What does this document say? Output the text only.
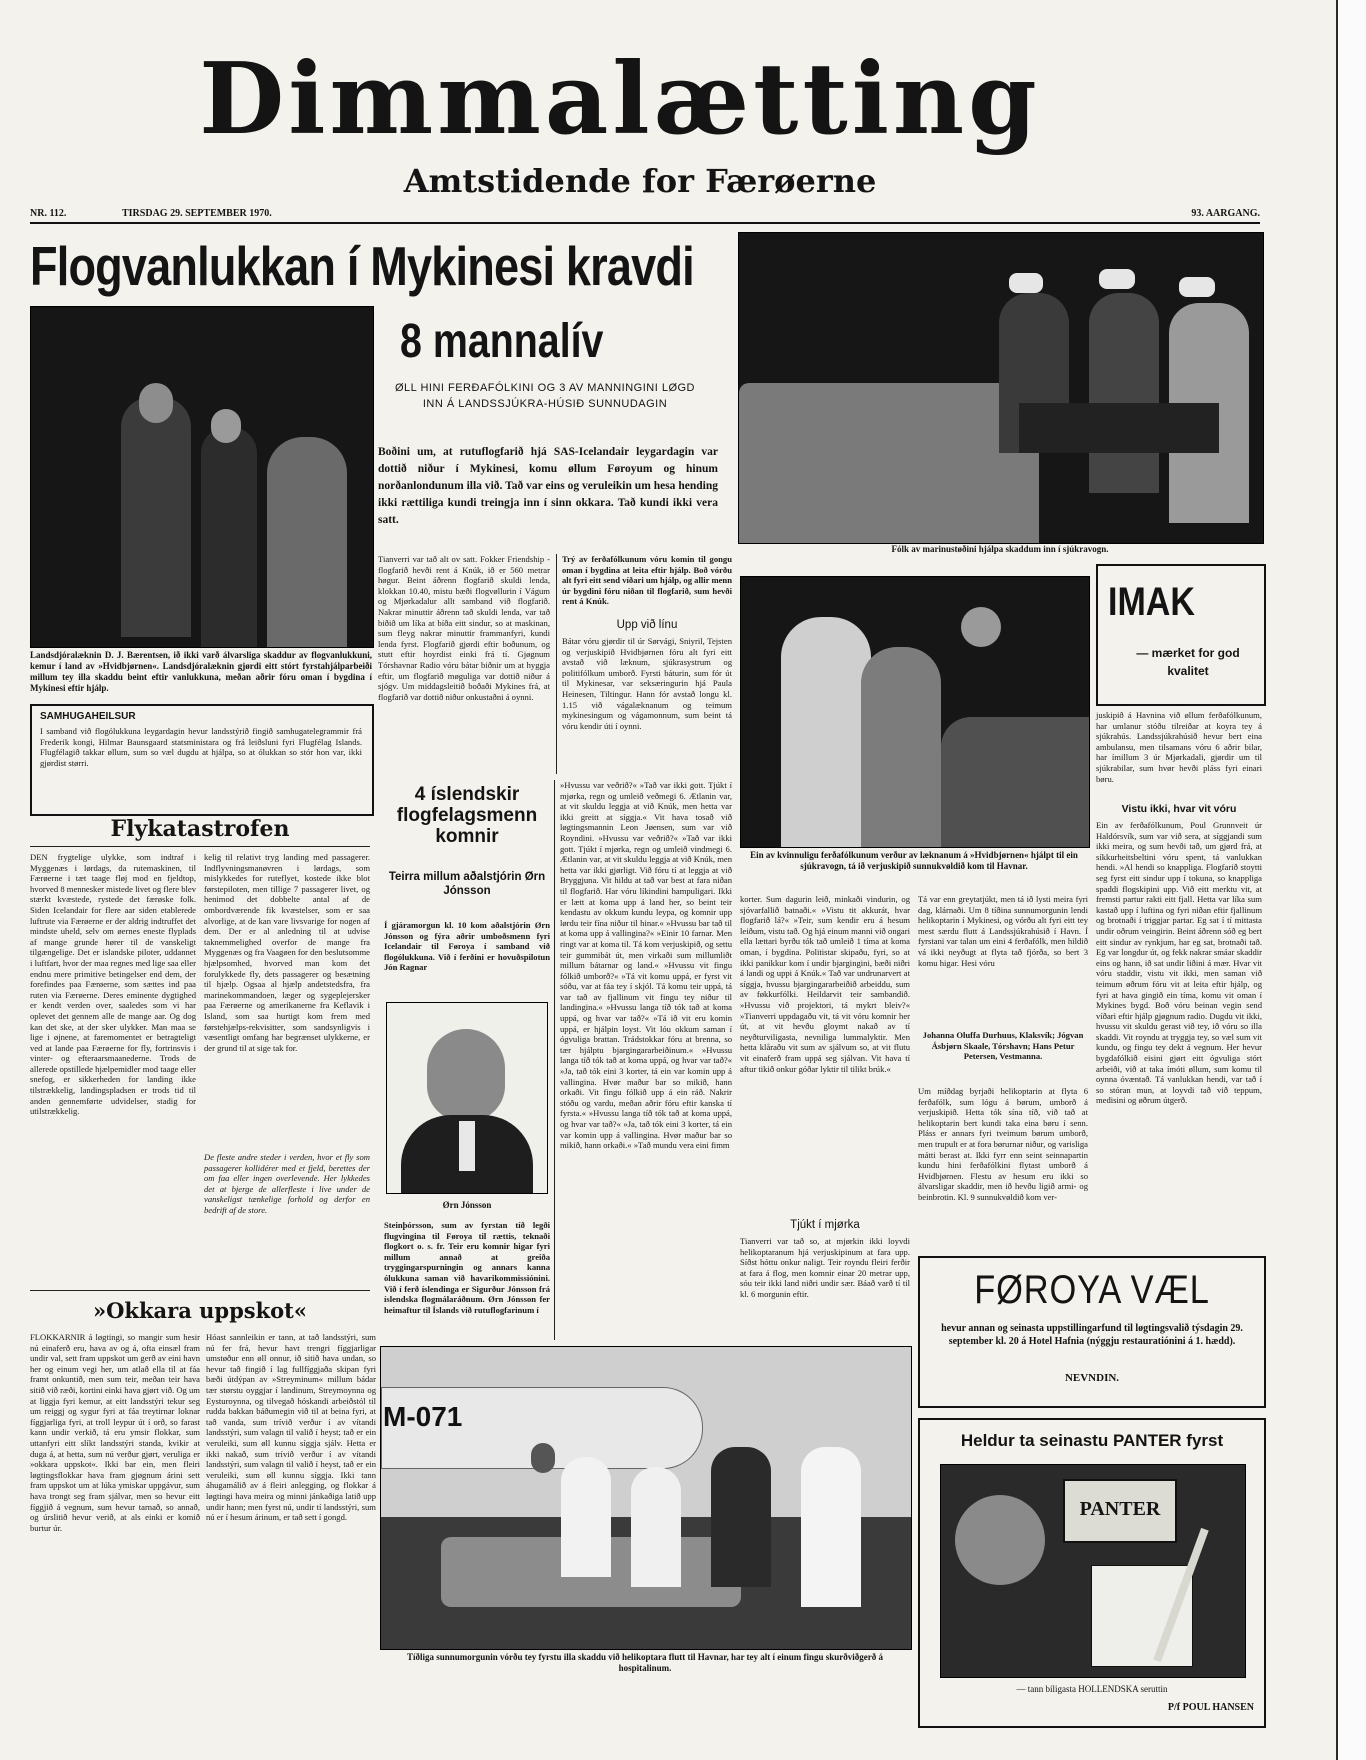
Dimmalætting
Amtstidende for Færøerne
NR. 112.	TIRSDAG 29. SEPTEMBER 1970.	93. AARGANG.
Flogvanlukkan í Mykinesi kravdi
8 mannalív
Landsdjóralæknin D. J. Bærentsen, ið ikki varð álvarsliga skaddur av flogvanlukkuni, kemur í land av »Hvidbjørnen«. Landsdjóralæknin gjørdi eitt stórt fyrstahjálparbeiði millum tey illa skaddu beint eftir vanlukkuna, meðan aðrir fóru oman í bygdina í Mykinesi eftir hjálp.
ØLL HINI FERÐAFÓLKINI OG 3 AV MANNINGINI LØGD INN Á LANDSSJÚKRA-HÚSIÐ SUNNUDAGIN
Boðini um, at rutuflogfarið hjá SAS-Icelandair leygardagin var dottið niður í Mykinesi, komu øllum Føroyum og hinum norðanlondunum illa við. Tað var eins og veruleikin um hesa hending ikki rættiliga kundi treingja inn í sinn okkara. Tað kundi ikki vera satt.
Fólk av marinustøðini hjálpa skaddum inn í sjúkravogn.
Tianverri var tað alt ov satt. Fokker Friendship - flogfarið hevði rent á Knúk, ið er 560 metrar høgur. Beint áðrenn flogfarið skuldi lenda, klokkan 10.40, mistu bæði flogvøllurin í Vágum og Mjørkadalur allt samband við flogfarið. Nakrar minuttir áðrenn tað skuldi lenda, var tað biðið um líka at bíða eitt sindur, so at maskinan, sum fleyg nakrar minuttir frammanfyri, kundi lenda fyrst. Flogfarið gjørdi eftir boðunum, og stutt eftir hoyrdist einki frá tí. Gjøgnum Tórshavnar Radio vóru bátar biðnir um at hyggja eftir, um flogfarið møguliga var dottið niður á sjógv. Um middagsleitið boðaði Mykines frá, at flogfarið var dottið niður onkustaðni á oynni.
Trý av ferðafólkunum vóru komin til gongu oman í bygdina at leita eftir hjálp. Boð vórðu alt fyri eitt send víðari um hjálp, og allir menn úr bygdini fóru niðan til flogfarið, sum hevði rent á Knúk.
Upp við línu
Bátar vóru gjørdir til úr Sørvági, Sniyril, Tejsten og verjuskipið Hvidbjørnen fóru alt fyri eitt avstað við læknum, sjúkrasystrum og politifólkum umborð. Fyrsti báturin, sum fór út til Mykinesar, var seksæringurin hjá Paula Heinesen, Tiltingur. Hann fór avstað longu kl. 1.15 við vágalæknanum og teimum mykinesingum og vágamonnum, sum beint tá vóru kendir úti í oynni.
SAMHUGAHEILSUR
I samband við flogólukkuna leygardagin hevur landsstýrið fingið samhugatelegrammir frá Frederik kongi, Hilmar Baunsgaard statsministara og frá leiðsluni fyri Flugfélag Islands. Flugfélagið takkar øllum, sum so væl dugdu at hjálpa, so at ólukkan so stór hon var, ikki gjørdist størri.
Flykatastrofen
DEN frygtelige ulykke, som indtraf i Myggenæs i lørdags, da rutemaskinen, til Færøerne i tæt taage fløj mod en fjeldtop, hvorved 8 mennesker mistede livet og flere blev stærkt kvæstede, rystede det færøske folk. Siden Icelandair for flere aar siden etablerede luftrute via Færøerne er der aldrig indtruffet det mindste uheld, selv om øernes eneste flyplads af mange grunde hører til de vanskeligt tilgængelige. Det er islandske piloter, uddannet i luftfart, hvor der maa regnes med lige saa eller endnu mere primitive betingelser end dem, der forefindes paa Færøerne, som sættes ind paa ruten via Færøerne. Deres eminente dygtighed er kendt verden over, saaledes som vi har oplevet det gennem alle de mange aar. Og dog kan det ske, at der sker ulykker. Man maa se lige i øjnene, at faremomentet er betragteligt ved at lande paa Færøerne for fly, fortrinsvis i vinter- og efteraarsmaanederne. Trods de allerede opstillede hjælpemidler mod taage eller snefog, er sikkerheden for landing ikke tilstrækkelig, landingspladsen er trods tid til anden gennemførte udvidelser, stadig for utilstrækkelig.
kelig til relativt tryg landing med passagerer. Indflyvningsmanøvren i lørdags, som mislykkedes for ruteflyet, kostede ikke blot førstepiloten, men tillige 7 passagerer livet, og henimod det dobbelte antal af de ombordværende fik kvæstelser, som er saa alvorlige, at de kan vare livsvarige for nogen af dem. Der er al anledning til at udvise taknemmelighed overfor de mange fra Myggenæs og fra Vaagøen for den beslutsomme hjælpsomhed, hvorved man kom det forulykkede fly, dets passagerer og besætning til hjælp. Ogsaa al hjælp andetstedsfra, fra marinekommandoen, læger og sygeplejersker paa Færøerne og amerikanerne fra Keflavik i Island, som saa hurtigt kom frem med førstehjælps-rekvisitter, som sandsynligvis i væsentligt omfang har begrænset ulykkerne, er der grund til at sige tak for.
De fleste andre steder i verden, hvor et fly som passagerer kollidérer med et fjeld, berettes der om faa eller ingen overlevende. Her lykkedes det at bjerge de allerfleste i live under de vanskeligst tænkelige forhold og derfor en bedrift af de store.
»Okkara uppskot«
FLOKKARNIR á løgtingi, so mangir sum hesir nú einaferð eru, hava av og á, ofta einsæl fram undir val, sett fram uppskot um gerð av eini havn her og einum vegi her, um atlað ella til at fáa framt onkuntið, men sum teir, meðan teir hava sitið við ræði, kortini einki hava gjørt við. Og um at liggja fyri kemur, at eitt landsstýri tekur seg um reiggj og sygur fyri at fáa treytirnar loknar fíggjarliga fyri, at troll leypur út í orð, so farast kann undir verkið, tá eru ymsir flokkar, sum uttanfyri eitt slíkt landsstýri standa, kvikir at duga á, at hetta, sum nú verður gjørt, veruliga er »okkara uppskot«. Ikki bar ein, men fleiri løgtingsflokkar hava fram gjøgnum árini sett fram uppskot um at lúka ymiskar uppgávur, sum hava trongt seg fram sjálvar, men so hevur eitt fíggjið á vegnum, sum hevur tarnað, so annað, og úrslitið hevur verið, at als einki er komið burtur úr.
Hóast sannleikin er tann, at tað landsstýri, sum nú fer frá, hevur havt trengri fíggjarligar umstøður enn øll onnur, ið sitið hava undan, so hevur tað fingið í lag fullfíggjaða skipan fyri bæði útdýpan av »Streyminum« millum bádar tær størstu oyggjar í landinum, Streymoynna og Eysturoynna, og tilvegað hóskandi arbeiðstól til rudda bakkan báðumegin við til at beina fyri, at tað vanda, sum trívið verður í av vítandi landsstýri, sum valagn til valið í heyst; tað er ein veruleiki, sum øll kunnu síggja sjálv. Hetta er ikki nakað, sum trívið verður í av vítandi landsstýri, sum valagn til valið í heyst, tað er ein veruleiki, sum øll kunnu síggja. Ikki tann áhugamálið av á fleiri anlegging, og flokkar á løgtingi hava meira og minni jánkaðiga latið upp undir hann; men fyrst nú, undir tí landsstýri, sum nú er í hesum árinum, er tað sett í gongd.
4 íslendskir flogfelagsmenn komnir
Teirra millum aðalstjórin Ørn Jónsson
Í gjáramorgun kl. 10 kom aðalstjórin Ørn Jónsson og fýra aðrir umboðsmenn fyri Icelandair til Føroya í samband við flogólukkuna. Við í ferðini er hovuðspilotun Jón Ragnar
Ørn Jónsson
Steinþórsson, sum av fyrstan tíð legði flugvingina til Føroya til rættis, teknaði flogkort o. s. fr. Teir eru komnir higar fyri millum annað at greiða tryggingarspurningin og annars kanna ólukkuna saman við havarikommissiónini. Við í ferð íslendinga er Sigurður Jónsson frá íslendska flogmálaráðnum. Ørn Jónsson fer heimaftur til Íslands við rutuflogfarinum í
»Hvussu var veðrið?« »Tað var ikki gott. Tjúkt í mjørka, regn og umleið veðmegi 6. Ætlanin var, at vit skuldu leggja at við Knúk, men hetta var ikki greitt at síggja.« Vit hava tosað við løgtingsmannin Leon Jøensen, sum var við Royndini. »Hvussu var veðrið?« »Tað var ikki gott. Tjúkt í mjørka, regn og umleið vindmegi 6. Ætlanin var, at vit skuldu leggja at við Knúk, men hetta var ikki gjørligt. Við fóru tí at leggja at við Bryggjuna. Vit hildu at tað var best at fara niðan til flogfarið. Har vóru líkindini hampuligari. Ikki er lætt at koma upp á land her, so beint teir kendastu av okkum kundu leypa, og komnir upp lørdu teir fína niður til hinar.« »Hvussu bar tað til at koma upp á vallingina?« »Einir 10 farnar. Men ringt var at koma til. Tá kom verjuskipið, og settu teir gummibát út, men virkaði sum millumliðt millum bátarnar og land.« »Hvussu vit fingu fólkið umborð?« »Tá vit komu uppá, er fyrst vit sóðu, var at fáa tey í skjól. Tá komu teir uppá, tá var tað av fjallinum vit fingu tey niður til landingina.« »Hvussu langa tíð tók tað at koma uppá, og hvar var tað?« »Tá ið vit eru komin uppá, er hjálpin loyst. Vit lóu okkum saman í ógvuliga brattan. Trádstokkar fóru at brenna, so tær hjálptu bjargingararbeiðinum.« »Hvussu langa tíð tók tað at koma uppá, og hvar var tað?« »Ja, tað tók eini 3 korter, tá ein var komin upp á vallingina. Hvør maður bar so mikið, hann orkaði. Vit fingu fólkið upp á ein ráð. Nakrir stóðu og vardu, meðan aðrir fóru eftir kanska tí fyrsta.« »Hvussu langa tíð tók tað at koma uppá, og hvar var tað?« »Ja, tað tók eini 3 korter, tá ein var komin upp á vallingina. Hvør maður bar so mikið, hann orkaði.« »Tað mundu vera eini fimm
Ein av kvinnuligu ferðafólkunum verður av læknanum á »Hvidbjørnen« hjálpt til ein sjúkravogn, tá ið verjuskipið sunnukvøldið kom til Havnar.
korter. Sum dagurin leið, minkaði vindurin, og sjóvarfallið batnaði.« »Vistu tit akkurát, hvar flogfarið lá?« »Teir, sum kendir eru á hesum leiðum, vistu tað. Og hjá einum manni við ongari ella lættari byrðu tók tað umleið 1 tíma at koma oman, í bygdina. Politistar skipaðu, fyri, so at ikki panikkur kom í undir bjargingini, bæði niðri á landi og uppi á Knúk.« Tað var undrunarvert at síggja, hvussu bjargingararbeiðið arbeiddu, sum av føkkurfólki. Heildarvit teir sambandið. »Hvussu við projektori, tá mykrt bleiv?« »Tianverri uppdagaðu vit, tá vit vóru komnir her út, at vit hevðu gloymt nakað av tí neyðturviligasta, nevniliga lummalyktir. Men hetta klåraðu vit sum av sjálvum so, at vit flutu vit einaferð fram uppá seg sjálvan. Vit hava tí aftur tikið onkur góðar lyktir til tilikt brúk.«
Tjúkt í mjørka
Tianverri var tað so, at mjørkin ikki loyvdi helikoptaranum hjá verjuskipinum at fara upp. Síðst hóttu onkur naligt. Teir royndu fleiri ferðir at fara á flog, men komnir einar 20 metrar upp, sóu teir ikki land niðri undir sær. Báað varð tí til kl. 6 morgunin eftir.
Tá var enn greytatjúkt, men tá ið lysti meira fyri dag, klárnaði. Um 8 tíðina sunnumorgunin lendi helikoptarin í Mykinesi, og vórðu alt fyri eitt tey mest særdu flutt á Landssjúkrahúsið í Havn. Í fyrstani var talan um eini 4 ferðafólk, men hildið vá ikki neyðugt at flyta tað fjórða, so bert 3 komu higar. Hesi vóru
Johanna Oluffa Durhuus, Klaksvík; Jógvan Ásbjørn Skaale, Tórshavn; Hans Petur Petersen, Vestmanna.
Um míðdag byrjaði helikoptarin at flyta 6 ferðafólk, sum lógu á børum, umborð á verjuskipið. Hetta tók sína tíð, við tað at helikoptarin bert kundi taka eina børu í senn. Pláss er annars fyri tveimum børum umborð, men trupult er at fora børurnar niður, og varisliga mátti berast at. Ikki fyrr enn seint seinnapartin kundu hini ferðafólkini flytast umborð á Hvidbjørnen. Flestu av hesum eru ikki so álvarsligar skaddir, men ið hevðu ligið armi- og beinbrotin. Kl. 9 sunnukvøldið kom ver-
IMAK
— mærket for god kvalitet
juskipið á Havnina við øllum ferðafólkunum, har umlanur stóðu tilreiðar at koyra tey á sjúkrahús. Landssjúkrahúsið hevur bert eina ambulansu, men tilsamans vóru 6 aðrir bilar, har ímillum 3 úr Mjørkadali, gjørdir um til sjúkrabilar, sum hvør hevði pláss fyri einari børu.
Vistu ikki, hvar vit vóru
Ein av ferðafólkunum, Poul Grunnveit úr Haldórsvík, sum var við sera, at síggjandi sum ikki meira, og sum hevði tað, um gjørd frá, at síkkurheitsbeltini vóru spent, tá vanlukkan hendi. »Al hendi so knappliga. Flogfarið stoytti seg fyrst eitt sindur upp í tokuna, so knappliga spaddi flogskipini upp. Við eitt merktu vit, at fremsti partur rakti eitt fjall. Hetta var líka sum kastað upp í luftina og fyri niðan eftir fjallinum og brotnaði í triggjar partar. Eg sat í tí mittasta undir oðrum veingirin. Beint áðrenn sóð eg bert eitt sindur av rynkjum, har eg sat, brotnaði tað. Eg var longdur út, og fekk nakrar smáar skaddir eins og hann, ið sat undir liðini á mær. Hvar vit vóru staddir, vistu vit ikki, men saman við teimum øðrum fóru vit at leita eftir hjálp, og fyri at hava gingið ein tíma, komu vit oman í Mykines bygd. Boð vóru beinan vegin send víðari eftir hjálp gjøgnum radio. Dugdu vit ikki, hvussu vit skuldu gerast við tey, ið vóru so illa skaddi. Vit royndu at tryggja tey, so væl sum vit kundu, og fingu tey dekt á vegnum. Her hevur bygdafólkið eisini gjørt eitt ógvuliga stórt arbeiði, við at taka ímóti øllum, sum komu til oynna óvæntað. Tá vanlukkan hendi, var tað í so stóran mun, at loyvdi tað við teppum, medisini og øðrum útgerð.
FØROYA VÆL
hevur annan og seinasta uppstillingarfund til løgtingsvalið týsdagin 29. september kl. 20 á Hotel Hafnia (nýggju restauratiónini á 1. hædd).
NEVNDIN.
M-071
Tíðliga sunnumorgunin vórðu tey fyrstu illa skaddu við helikoptara flutt til Havnar, har tey alt í einum fingu skurðviðgerð á hospitalinum.
Heldur ta seinastu PANTER fyrst
PANTER
— tann bíligasta HOLLENDSKA seruttin
P/f POUL HANSEN
